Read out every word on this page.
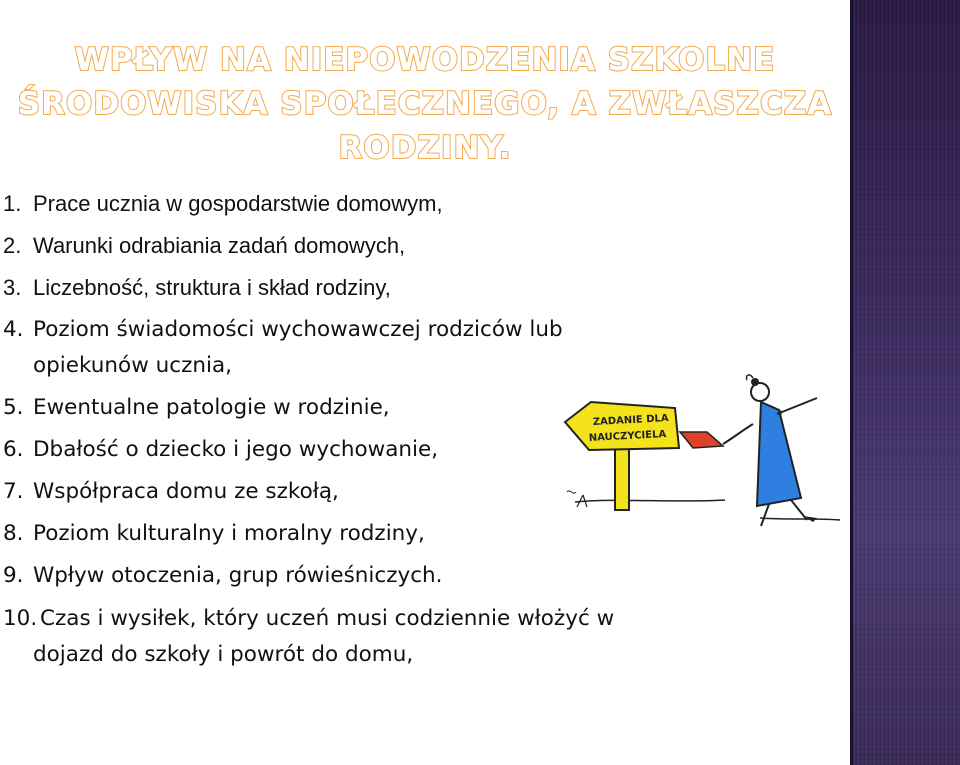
WPŁYW NA NIEPOWODZENIA SZKOLNE
ŚRODOWISKA SPOŁECZNEGO, A ZWŁASZCZA
RODZINY.
1. Prace ucznia w gospodarstwie domowym,
2. Warunki odrabiania zadań domowych,
3. Liczebność, struktura i skład rodziny,
4. Poziom świadomości wychowawczej rodziców lub
opiekunów ucznia,
5. Ewentualne patologie w rodzinie,
6. Dbałość o dziecko i jego wychowanie,
7. Współpraca domu ze szkołą,
8. Poziom kulturalny i moralny rodziny,
9. Wpływ otoczenia, grup rówieśniczych.
10. Czas i wysiłek, który uczeń musi codziennie włożyć w
dojazd do szkoły i powrót do domu,
ZADANIE DLA
NAUCZYCIELA
